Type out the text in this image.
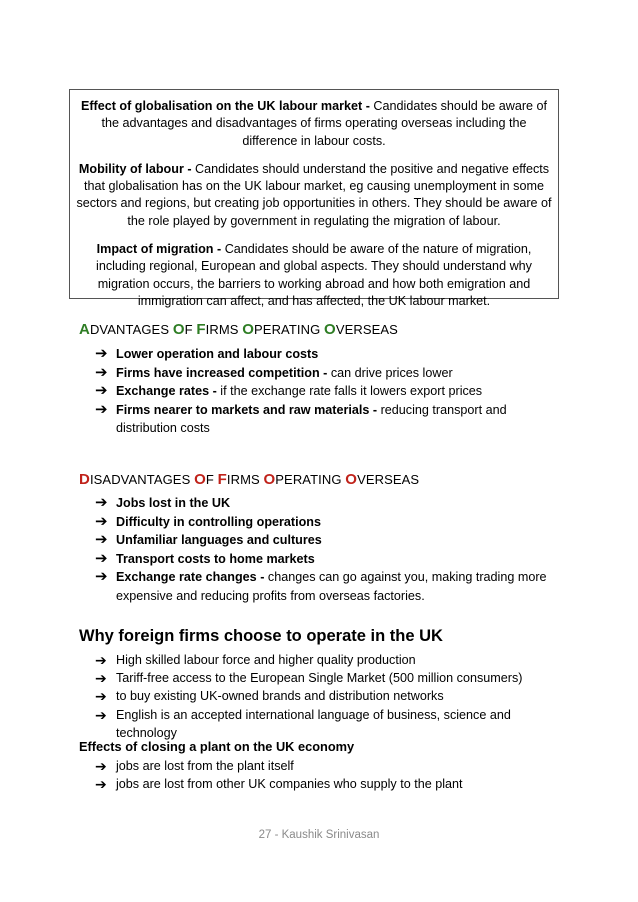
Effect of globalisation on the UK labour market - Candidates should be aware of the advantages and disadvantages of firms operating overseas including the difference in labour costs.

Mobility of labour - Candidates should understand the positive and negative effects that globalisation has on the UK labour market, eg causing unemployment in some sectors and regions, but creating job opportunities in others. They should be aware of the role played by government in regulating the migration of labour.

Impact of migration - Candidates should be aware of the nature of migration, including regional, European and global aspects. They should understand why migration occurs, the barriers to working abroad and how both emigration and immigration can affect, and has affected, the UK labour market.

ADVANTAGES OF FIRMS OPERATING OVERSEAS
➔ Lower operation and labour costs
➔ Firms have increased competition - can drive prices lower
➔ Exchange rates - if the exchange rate falls it lowers export prices
➔ Firms nearer to markets and raw materials - reducing transport and distribution costs
DISADVANTAGES OF FIRMS OPERATING OVERSEAS
➔ Jobs lost in the UK
➔ Difficulty in controlling operations
➔ Unfamiliar languages and cultures
➔ Transport costs to home markets
➔ Exchange rate changes - changes can go against you, making trading more expensive and reducing profits from overseas factories.
Why foreign firms choose to operate in the UK
➔ High skilled labour force and higher quality production
➔ Tariff-free access to the European Single Market (500 million consumers)
➔ to buy existing UK-owned brands and distribution networks
➔ English is an accepted international language of business, science and technology
Effects of closing a plant on the UK economy
➔ jobs are lost from the plant itself
➔ jobs are lost from other UK companies who supply to the plant
27 - Kaushik Srinivasan
